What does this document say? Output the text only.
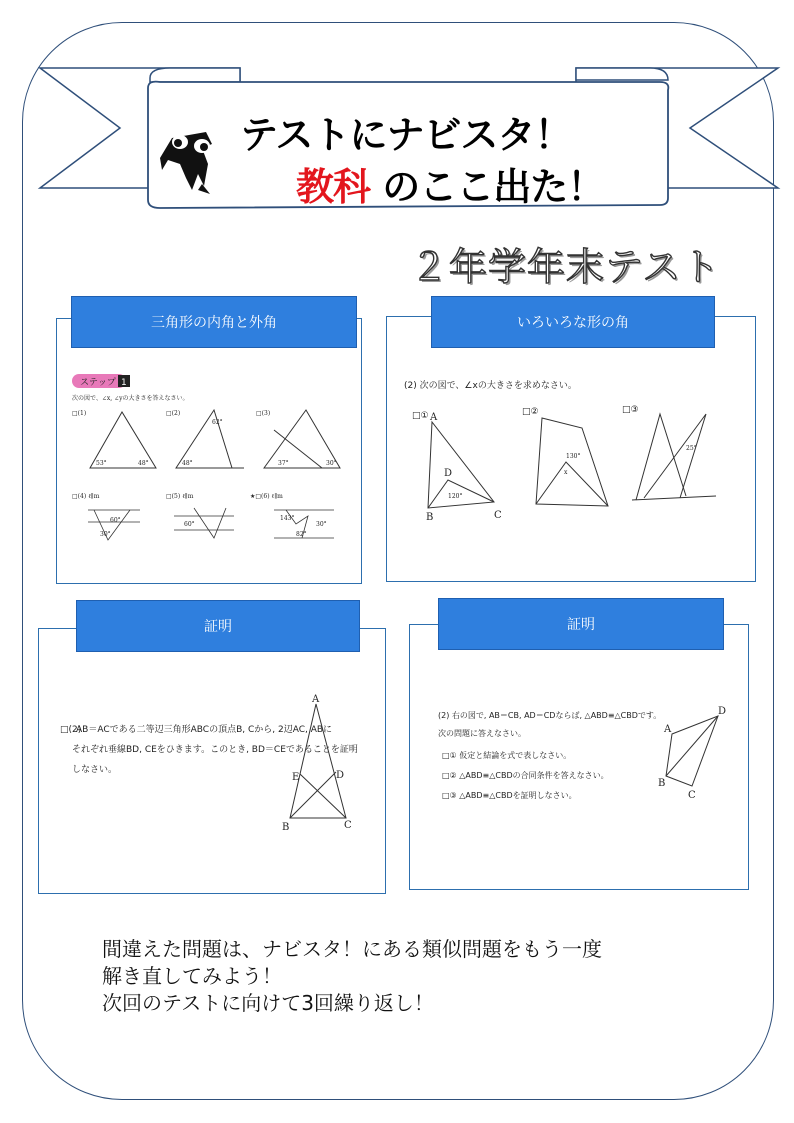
テストにナビスタ！
教科 のここ出た！
２年学年末テスト
三角形の内角と外角
ステップ 1
次の図で、∠x, ∠yの大きさを答えなさい。
□(1)	□(2)	□(3)
53°	48°	48°
62°
37°	30°
□(4) ℓ∥m	□(5) ℓ∥m	★□(6) ℓ∥m
60°
30°
143°
30°
82°
60°
いろいろな形の角
(2) 次の図で、∠xの大きさを求めなさい。
□①	□②	□③
A
B	C
D
120°
130°
x
25°
証明
□(2)
AB＝ACである二等辺三角形ABCの頂点B, Cから, 2辺AC, ABに
それぞれ垂線BD, CEをひきます。このとき, BD＝CEであることを証明
しなさい。
A
B	C
D
E
証明
(2) 右の図で, AB＝CB, AD＝CDならば, △ABD≡△CBDです。
次の問題に答えなさい。
□① 仮定と結論を式で表しなさい。
□② △ABD≡△CBDの合同条件を答えなさい。
□③ △ABD≡△CBDを証明しなさい。
A
B
C
D
間違えた問題は、ナビスタ！にある類似問題をもう一度
解き直してみよう！
次回のテストに向けて3回繰り返し！
